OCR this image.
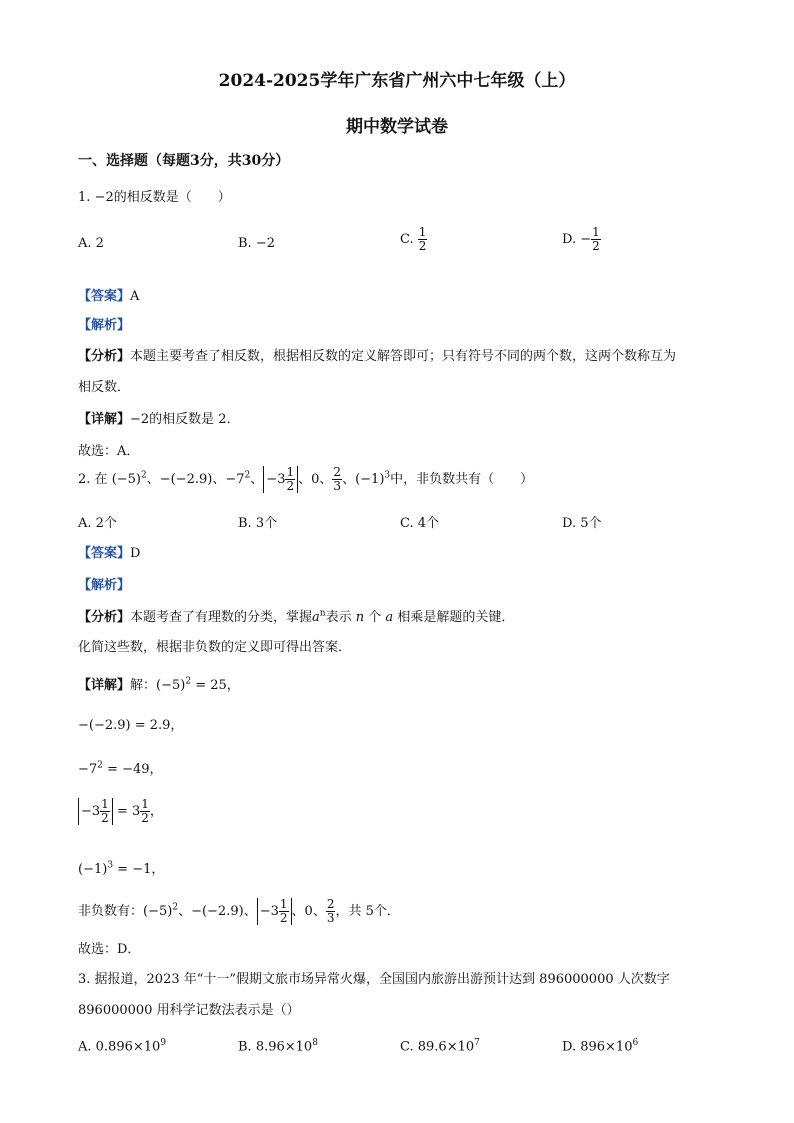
2024-2025学年广东省广州六中七年级（上）
期中数学试卷
一、选择题（每题3分，共30分）
1. −2的相反数是（　　）
A. 2	B. −2	C. $\frac{1}{2}$	D. − $\frac{1}{2}$
【答案】A
【解析】
【分析】本题主要考查了相反数，根据相反数的定义解答即可；只有符号不同的两个数，这两个数称互为
相反数．
【详解】−2的相反数是 2．
故选：A．
2. 在 $(-5)^2$、−(−2.9)、$-7^2$、 $-3 \frac{1}{2}$ 、0、 $\frac{2}{3}$ 、$(-1)^3$中，非负数共有（　　）
A. 2个	B. 3个	C. 4个	D. 5个
【答案】D
【解析】
【分析】本题考查了有理数的分类，掌握$a^n$表示 n 个 a 相乘是解题的关键．
化简这些数，根据非负数的定义即可得出答案．
【详解】解：$(-5)^2 = 25$，
−(−2.9) = 2.9，
$-7^2 = -49$，
$-3 \frac{1}{2} = 3 \frac{1}{2}$ ，
$(-1)^3 = -1$，
非负数有：$(-5)^2$、−(−2.9)、 $-3 \frac{1}{2}$ 、0、 $\frac{2}{3}$ ，共 5个．
故选：D．
3. 据报道，2023 年“十一”假期文旅市场异常火爆，全国国内旅游出游预计达到 896000000 人次数字
896000000 用科学记数法表示是（）
A. $0.896\times 10^9$	B. $8.96\times 10^8$	C. $89.6\times 10^7$	D. $896\times 10^6$
